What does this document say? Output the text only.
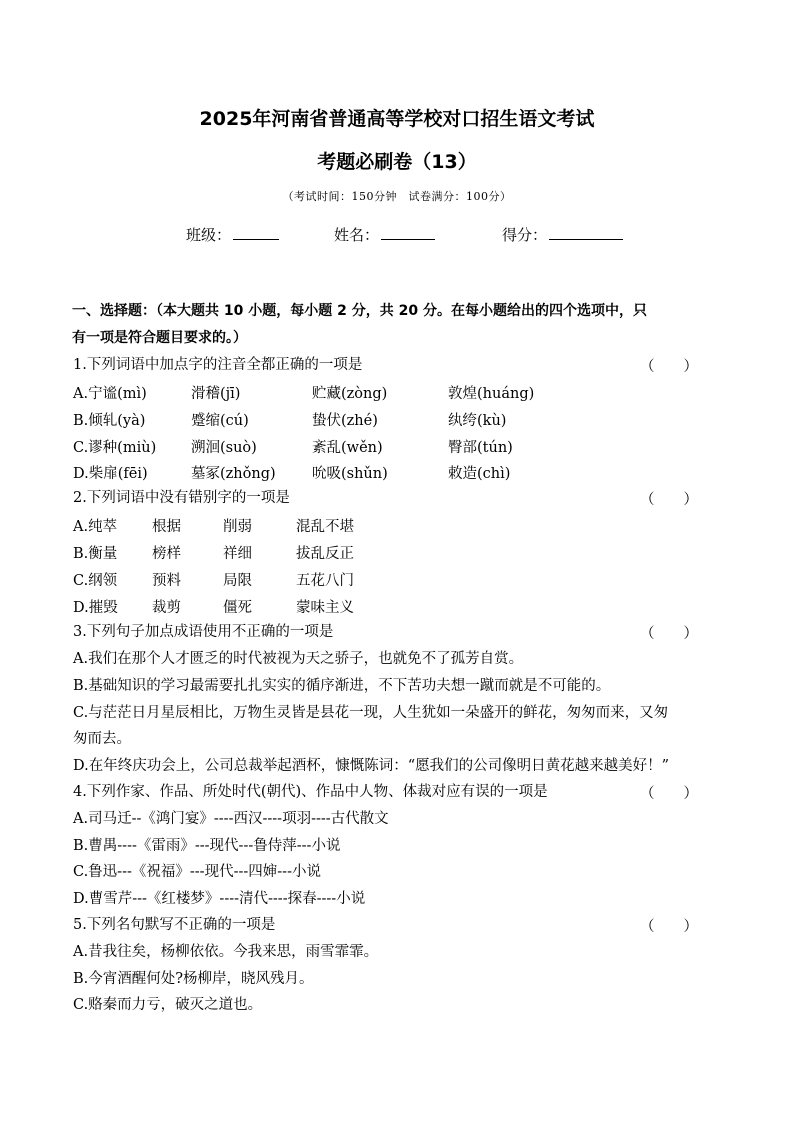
2025年河南省普通高等学校对口招生语文考试
考题必刷卷（13）
（考试时间：150分钟　试卷满分：100分）
班级：	姓名：	得分：
一、选择题：（本大题共 10 小题，每小题 2 分，共 20 分。在每小题给出的四个选项中，只
有一项是符合题目要求的。）
1.下列词语中加点字的注音全都正确的一项是	（　　）
A.宁谧(mì)	滑稽(jī)	贮藏(zòng)	敦煌(huáng)
B.倾轧(yà)	蹙缩(cú)	蛰伏(zhé)	纨绔(kù)
C.谬种(miù) 溯洄(suò)	紊乱(wěn)	臀部(tún)
D.柴扉(fēi)	墓冢(zhǒng)	吮吸(shǔn)	敕造(chì)
2.下列词语中没有错别字的一项是	（　　）
A.纯萃 根据	削弱	混乱不堪
B.衡量 榜样	祥细	拔乱反正
C.纲领 预料	局限	五花八门
D.摧毁 裁剪	僵死	蒙味主义
3.下列句子加点成语使用不正确的一项是	（　　）
A.我们在那个人才匮乏的时代被视为天之骄子，也就免不了孤芳自赏。
B.基础知识的学习最需要扎扎实实的循序渐进，不下苦功夫想一蹴而就是不可能的。
C.与茫茫日月星辰相比，万物生灵皆是县花一现，人生犹如一朵盛开的鲜花，匆匆而来，又匆
匆而去。
D.在年终庆功会上，公司总裁举起酒杯，慷慨陈词：“愿我们的公司像明日黄花越来越美好！”
4.下列作家、作品、所处时代(朝代)、作品中人物、体裁对应有误的一项是	（　　）
A.司马迁--《鸿门宴》----西汉----项羽----古代散文
B.曹禺----《雷雨》---现代---鲁侍萍---小说
C.鲁迅---《祝福》---现代---四婶---小说
D.曹雪芹---《红楼梦》----清代----探春----小说
5.下列名句默写不正确的一项是	（　　）
A.昔我往矣，杨柳依依。今我来思，雨雪霏霏。
B.今宵酒醒何处?杨柳岸，晓风残月。
C.赂秦而力亏，破灭之道也。
